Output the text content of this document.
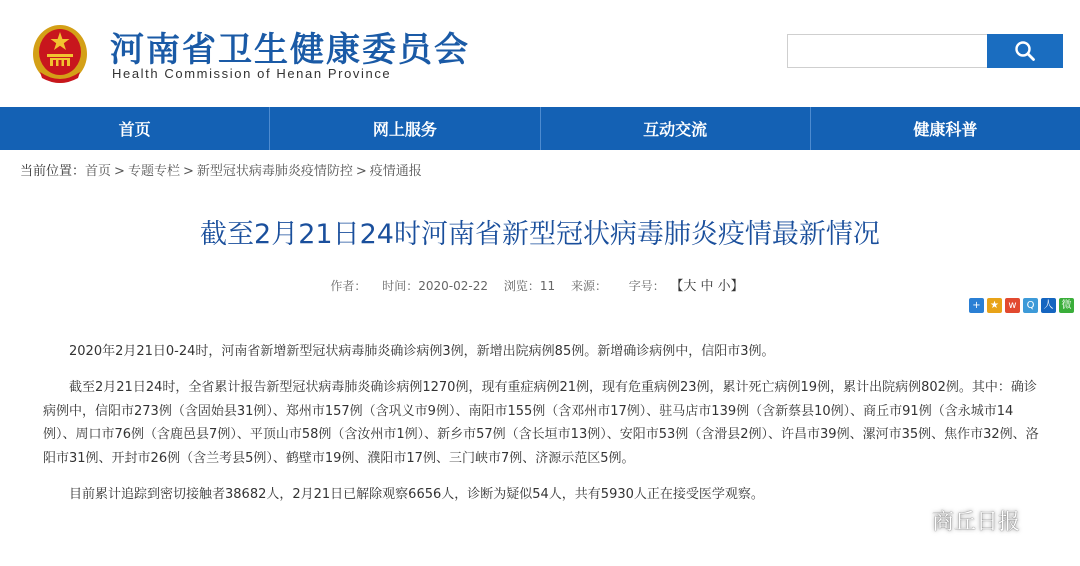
河南省卫生健康委员会
Health Commission of Henan Province
首页	网上服务	互动交流	健康科普
当前位置：首页 > 专题专栏 > 新型冠状病毒肺炎疫情防控 > 疫情通报
截至2月21日24时河南省新型冠状病毒肺炎疫情最新情况
作者： 时间：2020-02-22 浏览：11 来源： 字号： 【大 中 小】
+ ★ w Q 人 微

2020年2月21日0-24时，河南省新增新型冠状病毒肺炎确诊病例3例，新增出院病例85例。新增确诊病例中，信阳市3例。

截至2月21日24时，全省累计报告新型冠状病毒肺炎确诊病例1270例，现有重症病例21例，现有危重病例23例，累计死亡病例19例，累计出院病例802例。其中：确诊病例中，信阳市273例（含固始县31例）、郑州市157例（含巩义市9例）、南阳市155例（含邓州市17例）、驻马店市139例（含新蔡县10例）、商丘市91例（含永城市14例）、周口市76例（含鹿邑县7例）、平顶山市58例（含汝州市1例）、新乡市57例（含长垣市13例）、安阳市53例（含滑县2例）、许昌市39例、漯河市35例、焦作市32例、洛阳市31例、开封市26例（含兰考县5例）、鹤壁市19例、濮阳市17例、三门峡市7例、济源示范区5例。

目前累计追踪到密切接触者38682人，2月21日已解除观察6656人，诊断为疑似54人，共有5930人正在接受医学观察。

商丘日报
